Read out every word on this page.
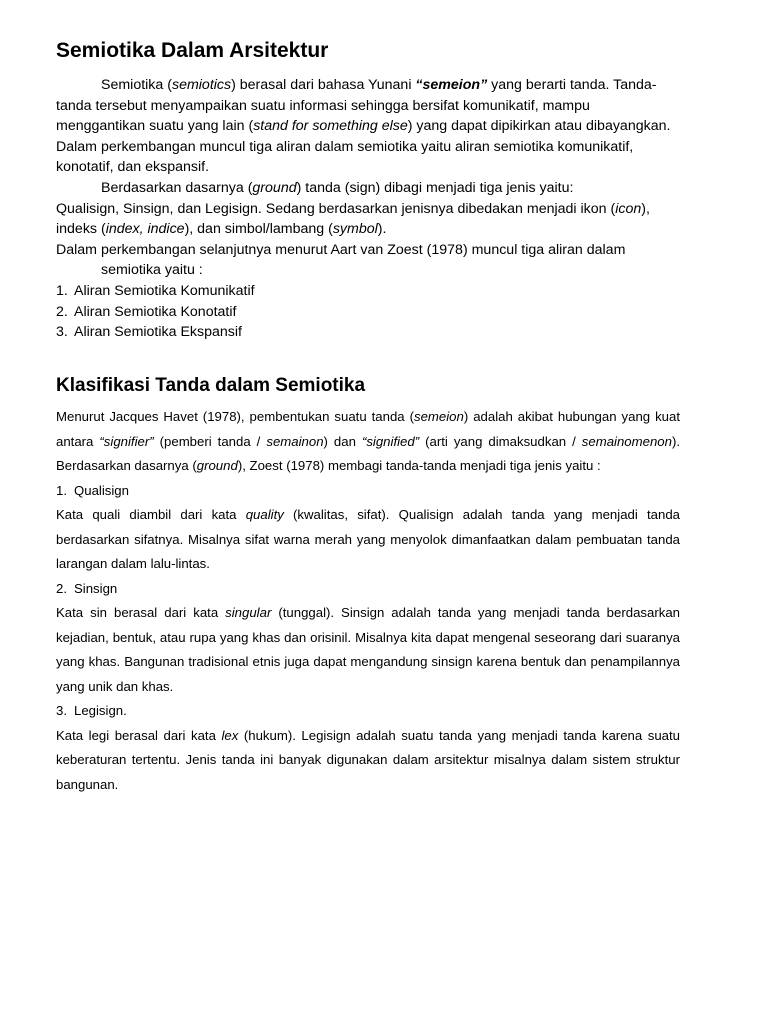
Semiotika Dalam Arsitektur

Semiotika (semiotics) berasal dari bahasa Yunani “semeion” yang berarti tanda. Tanda-tanda tersebut menyampaikan suatu informasi sehingga bersifat komunikatif, mampu menggantikan suatu yang lain (stand for something else) yang dapat dipikirkan atau dibayangkan. Dalam perkembangan muncul tiga aliran dalam semiotika yaitu aliran semiotika komunikatif, konotatif, dan ekspansif.

Berdasarkan dasarnya (ground) tanda (sign) dibagi menjadi tiga jenis yaitu:

Qualisign, Sinsign, dan Legisign. Sedang berdasarkan jenisnya dibedakan menjadi ikon (icon), indeks (index, indice), dan simbol/lambang (symbol).

Dalam perkembangan selanjutnya menurut Aart van Zoest (1978) muncul tiga aliran dalam semiotika yaitu :

1. Aliran Semiotika Komunikatif
2. Aliran Semiotika Konotatif
3. Aliran Semiotika Ekspansif
Klasifikasi Tanda dalam Semiotika

Menurut Jacques Havet (1978), pembentukan suatu tanda (semeion) adalah akibat hubungan yang kuat antara “signifier” (pemberi tanda / semainon) dan “signified” (arti yang dimaksudkan / semainomenon). Berdasarkan dasarnya (ground), Zoest (1978) membagi tanda-tanda menjadi tiga jenis yaitu :

1. Qualisign

Kata quali diambil dari kata quality (kwalitas, sifat). Qualisign adalah tanda yang menjadi tanda berdasarkan sifatnya. Misalnya sifat warna merah yang menyolok dimanfaatkan dalam pembuatan tanda larangan dalam lalu-lintas.

2. Sinsign

Kata sin berasal dari kata singular (tunggal). Sinsign adalah tanda yang menjadi tanda berdasarkan kejadian, bentuk, atau rupa yang khas dan orisinil. Misalnya kita dapat mengenal seseorang dari suaranya yang khas. Bangunan tradisional etnis juga dapat mengandung sinsign karena bentuk dan penampilannya yang unik dan khas.

3. Legisign.

Kata legi berasal dari kata lex (hukum). Legisign adalah suatu tanda yang menjadi tanda karena suatu keberaturan tertentu. Jenis tanda ini banyak digunakan dalam arsitektur misalnya dalam sistem struktur bangunan.
